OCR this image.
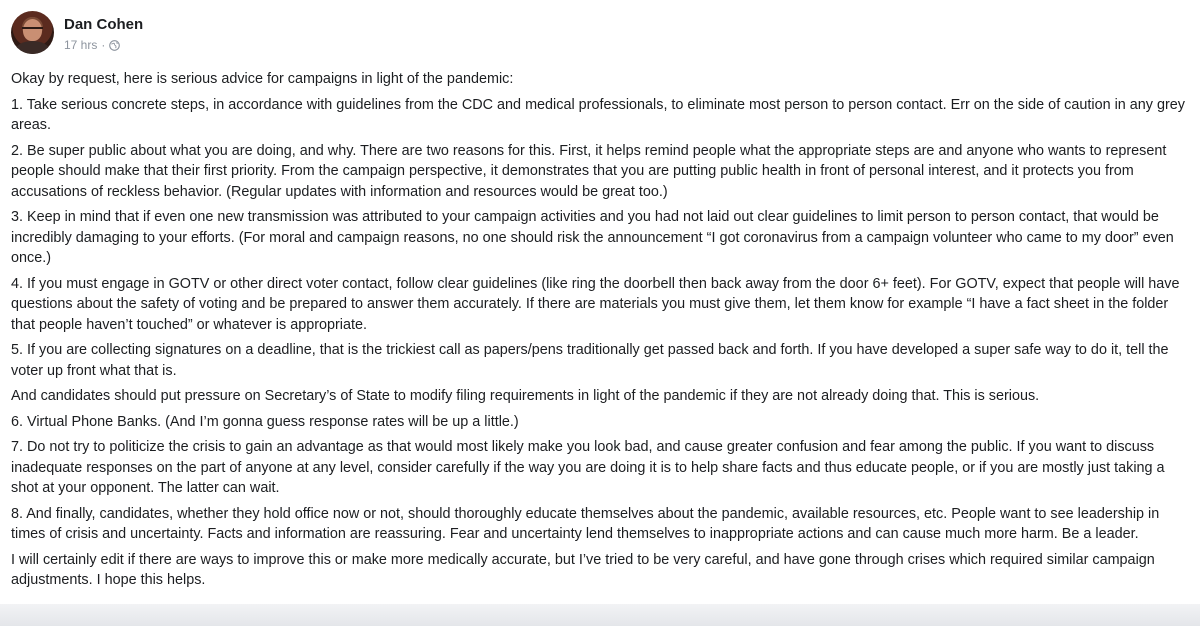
Dan Cohen
17 hrs ·

Okay by request, here is serious advice for campaigns in light of the pandemic:

1. Take serious concrete steps, in accordance with guidelines from the CDC and medical professionals, to eliminate most person to person contact. Err on the side of caution in any grey areas.

2. Be super public about what you are doing, and why. There are two reasons for this. First, it helps remind people what the appropriate steps are and anyone who wants to represent people should make that their first priority. From the campaign perspective, it demonstrates that you are putting public health in front of personal interest, and it protects you from accusations of reckless behavior. (Regular updates with information and resources would be great too.)

3. Keep in mind that if even one new transmission was attributed to your campaign activities and you had not laid out clear guidelines to limit person to person contact, that would be incredibly damaging to your efforts. (For moral and campaign reasons, no one should risk the announcement “I got coronavirus from a campaign volunteer who came to my door” even once.)

4. If you must engage in GOTV or other direct voter contact, follow clear guidelines (like ring the doorbell then back away from the door 6+ feet). For GOTV, expect that people will have questions about the safety of voting and be prepared to answer them accurately. If there are materials you must give them, let them know for example “I have a fact sheet in the folder that people haven’t touched” or whatever is appropriate.

5. If you are collecting signatures on a deadline, that is the trickiest call as papers/pens traditionally get passed back and forth. If you have developed a super safe way to do it, tell the voter up front what that is.

And candidates should put pressure on Secretary’s of State to modify filing requirements in light of the pandemic if they are not already doing that. This is serious.

6. Virtual Phone Banks. (And I’m gonna guess response rates will be up a little.)

7. Do not try to politicize the crisis to gain an advantage as that would most likely make you look bad, and cause greater confusion and fear among the public. If you want to discuss inadequate responses on the part of anyone at any level, consider carefully if the way you are doing it is to help share facts and thus educate people, or if you are mostly just taking a shot at your opponent. The latter can wait.

8. And finally, candidates, whether they hold office now or not, should thoroughly educate themselves about the pandemic, available resources, etc. People want to see leadership in times of crisis and uncertainty. Facts and information are reassuring. Fear and uncertainty lend themselves to inappropriate actions and can cause much more harm. Be a leader.

I will certainly edit if there are ways to improve this or make more medically accurate, but I’ve tried to be very careful, and have gone through crises which required similar campaign adjustments. I hope this helps.
